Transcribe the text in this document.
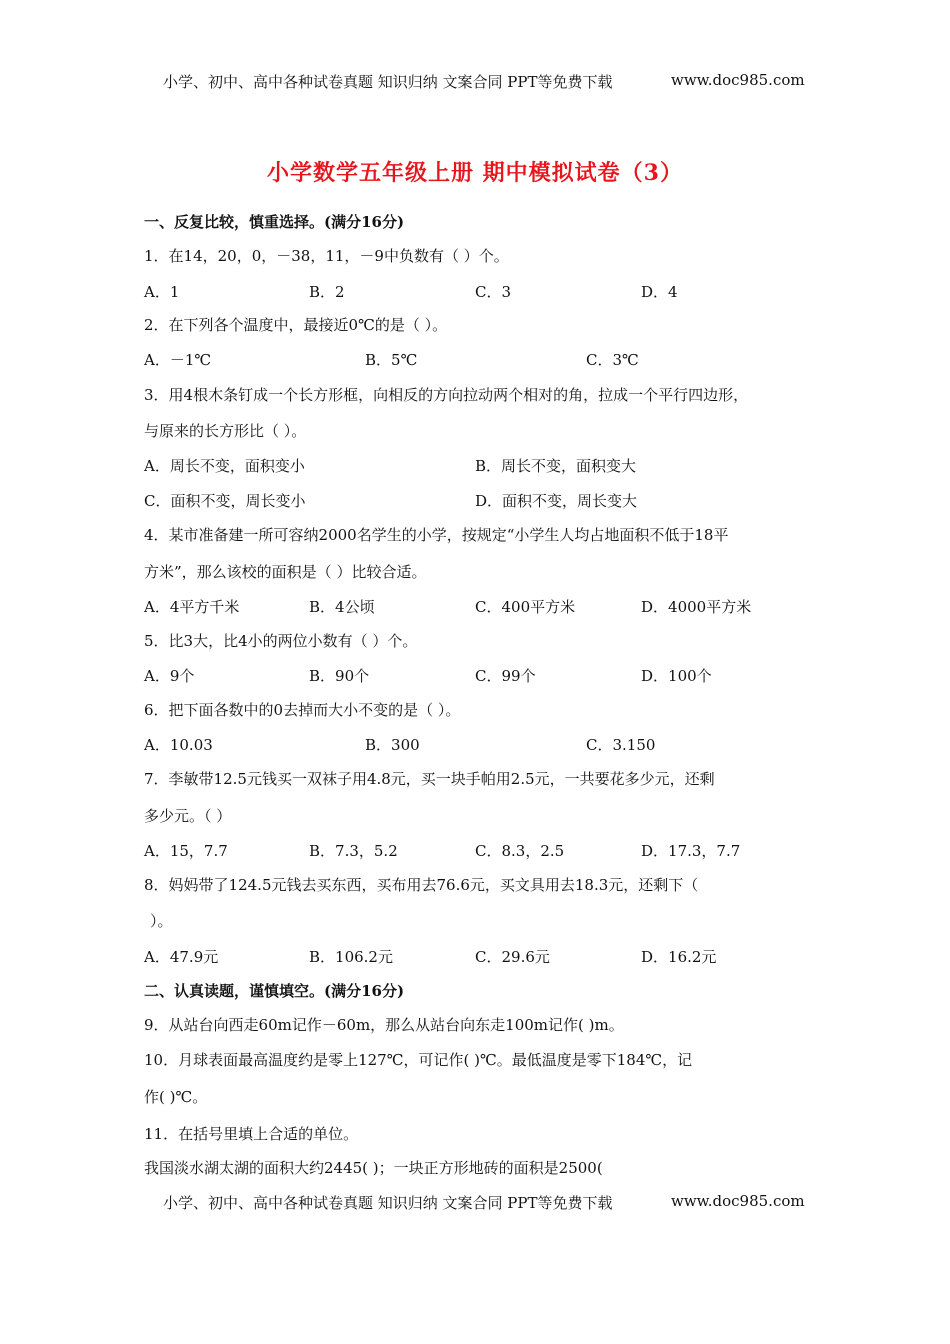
小学、初中、高中各种试卷真题 知识归纳 文案合同 PPT等免费下载	www.doc985.com
小学数学五年级上册 期中模拟试卷（3）
一、反复比较，慎重选择。(满分16分)
1．在14，20，0，－38，11，－9中负数有（ ）个。
A．1	B．2	C．3	D．4
2．在下列各个温度中，最接近0℃的是（ ）。
A．－1℃	B．5℃	C．3℃
3．用4根木条钉成一个长方形框，向相反的方向拉动两个相对的角，拉成一个平行四边形，
与原来的长方形比（ ）。
A．周长不变，面积变小	B．周长不变，面积变大
C．面积不变，周长变小	D．面积不变，周长变大
4．某市准备建一所可容纳2000名学生的小学，按规定“小学生人均占地面积不低于18平
方米”，那么该校的面积是（ ）比较合适。
A．4平方千米	B．4公顷	C．400平方米	D．4000平方米
5．比3大，比4小的两位小数有（ ）个。
A．9个	B．90个	C．99个	D．100个
6．把下面各数中的0去掉而大小不变的是（ ）。
A．10.03	B．300	C．3.150
7．李敏带12.5元钱买一双袜子用4.8元，买一块手帕用2.5元，一共要花多少元，还剩
多少元。（ ）
A．15，7.7	B．7.3，5.2	C．8.3，2.5	D．17.3，7.7
8．妈妈带了124.5元钱去买东西，买布用去76.6元，买文具用去18.3元，还剩下（
）。
A．47.9元	B．106.2元	C．29.6元	D．16.2元
二、认真读题，谨慎填空。(满分16分)
9．从站台向西走60m记作－60m，那么从站台向东走100m记作( )m。
10．月球表面最高温度约是零上127℃，可记作( )℃。最低温度是零下184℃，记
作( )℃。
11．在括号里填上合适的单位。
我国淡水湖太湖的面积大约2445( )；一块正方形地砖的面积是2500(
小学、初中、高中各种试卷真题 知识归纳 文案合同 PPT等免费下载	www.doc985.com
